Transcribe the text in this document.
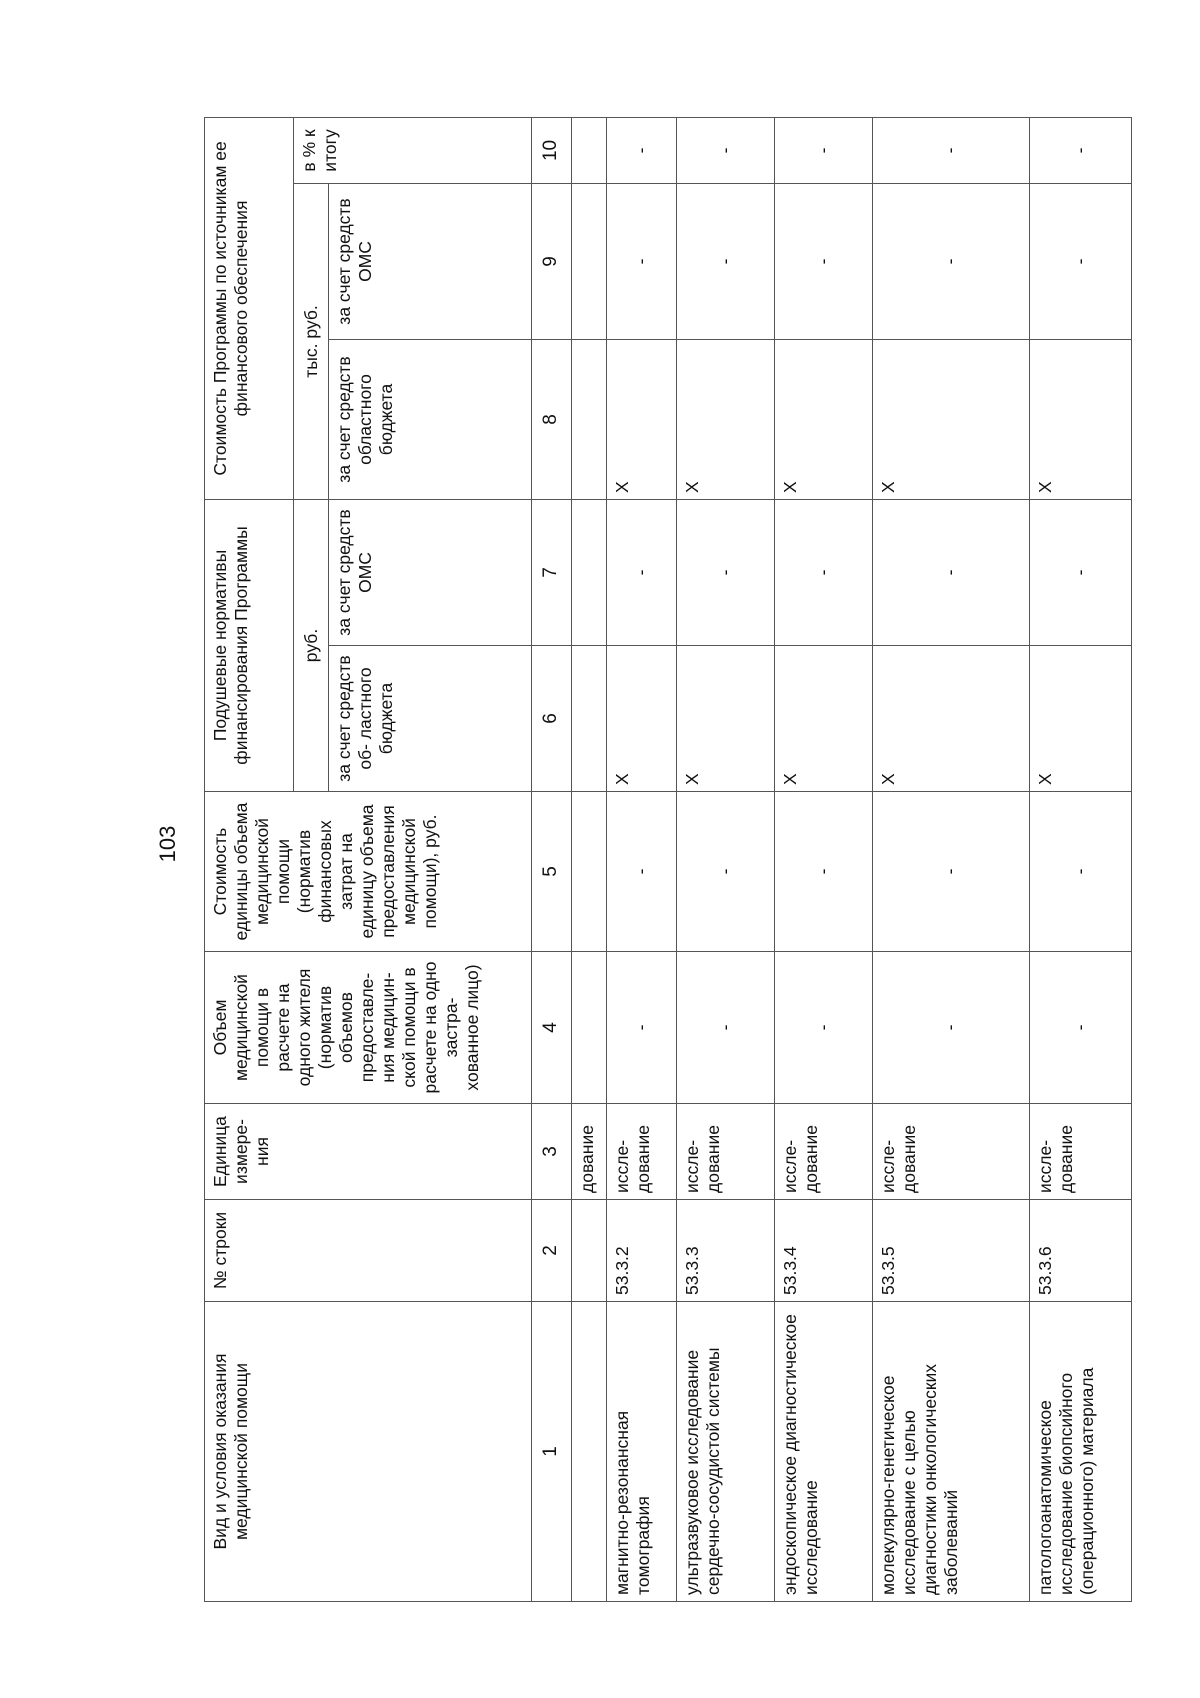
103
Вид и условия оказания медицинской помощи	№ строки	Единица измере- ния	Объем медицинской помощи в расчете на одного жителя (норматив объемов предоставле- ния медицин- ской помощи в расчете на одно застра- хованное лицо)	Стоимость единицы объема медицинской помощи (норматив финансовых затрат на единицу объема предоставления медицинской помощи), руб.	Подушевые нормативы финансирования Программы		Стоимость Программы по источникам ее финансового обеспечения		
					руб.		тыс. руб.		в % к итогу
					за счет средств об- ластного бюджета	за счет средств ОМС	за счет средств областного бюджета	за счет средств ОМС	
1	2	3	4	5	6	7	8	9	10
		дование							
магнитно-резонансная томография	53.3.2	иссле- дование	-	-	X	-	X	-	-
ультразвуковое исследование сердечно-сосудистой системы	53.3.3	иссле- дование	-	-	X	-	X	-	-
эндоскопическое диагностическое исследование	53.3.4	иссле- дование	-	-	X	-	X	-	-
молекулярно-генетическое исследование с целью диагностики онкологических заболеваний	53.3.5	иссле- дование	-	-	X	-	X	-	-
патологоанатомическое исследование биопсийного (операционного) материала	53.3.6	иссле- дование	-	-	X	-	X	-	-
